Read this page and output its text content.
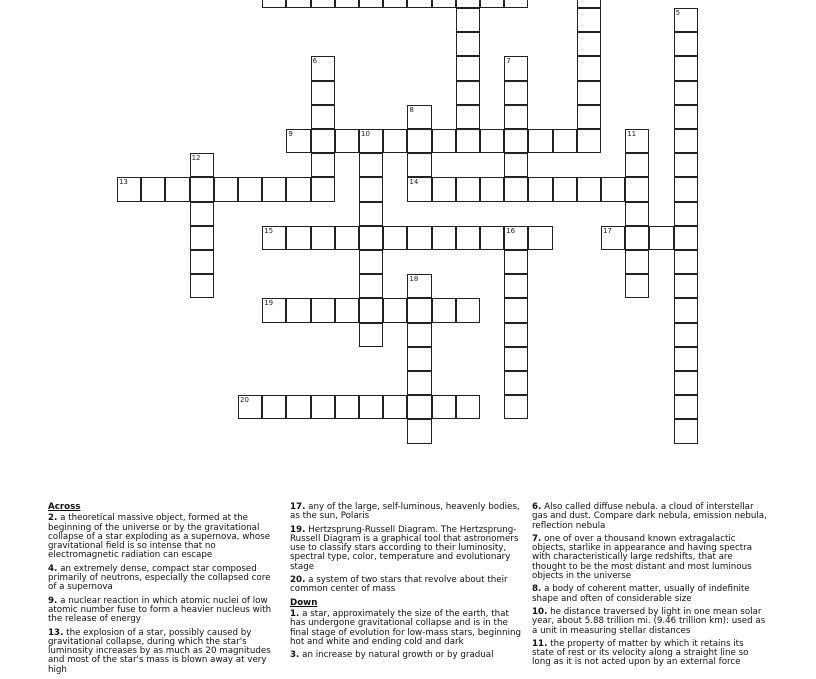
5
6	7
8
14
9	10	11
12
13
15	16	17
18
19
20
Across
2. a theoretical massive object, formed at the beginning of the universe or by the gravitational collapse of a star exploding as a supernova, whose gravitational field is so intense that no electromagnetic radiation can escape
4. an extremely dense, compact star composed primarily of neutrons, especially the collapsed core of a supernova
9. a nuclear reaction in which atomic nuclei of low atomic number fuse to form a heavier nucleus with the release of energy
13. the explosion of a star, possibly caused by gravitational collapse, during which the star's luminosity increases by as much as 20 magnitudes and most of the star's mass is blown away at very high
17. any of the large, self-luminous, heavenly bodies, as the sun, Polaris
19. Hertzsprung-Russell Diagram. The Hertzsprung-Russell Diagram is a graphical tool that astronomers use to classify stars according to their luminosity, spectral type, color, temperature and evolutionary stage
20. a system of two stars that revolve about their common center of mass
Down
1. a star, approximately the size of the earth, that has undergone gravitational collapse and is in the final stage of evolution for low-mass stars, beginning hot and white and ending cold and dark
3. an increase by natural growth or by gradual
6. Also called diffuse nebula. a cloud of interstellar gas and dust. Compare dark nebula, emission nebula, reflection nebula
7. one of over a thousand known extragalactic objects, starlike in appearance and having spectra with characteristically large redshifts, that are thought to be the most distant and most luminous objects in the universe
8. a body of coherent matter, usually of indefinite shape and often of considerable size
10. he distance traversed by light in one mean solar year, about 5.88 trillion mi. (9.46 trillion km): used as a unit in measuring stellar distances
11. the property of matter by which it retains its state of rest or its velocity along a straight line so long as it is not acted upon by an external force
